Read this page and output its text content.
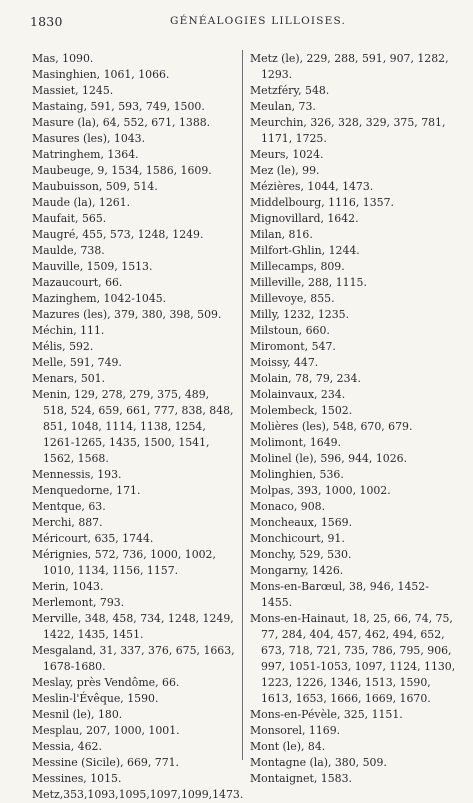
1830	GÉNÉALOGIES LILLOISES.
Mas, 1090.
Masinghien, 1061, 1066.
Massiet, 1245.
Mastaing, 591, 593, 749, 1500.
Masure (la), 64, 552, 671, 1388.
Masures (les), 1043.
Matringhem, 1364.
Maubeuge, 9, 1534, 1586, 1609.
Maubuisson, 509, 514.
Maude (la), 1261.
Maufait, 565.
Maugré, 455, 573, 1248, 1249.
Maulde, 738.
Mauville, 1509, 1513.
Mazaucourt, 66.
Mazinghem, 1042-1045.
Mazures (les), 379, 380, 398, 509.
Méchin, 111.
Mélis, 592.
Melle, 591, 749.
Menars, 501.
Menin, 129, 278, 279, 375, 489, 518, 524, 659, 661, 777, 838, 848, 851, 1048, 1114, 1138, 1254, 1261-1265, 1435, 1500, 1541, 1562, 1568.
Mennessis, 193.
Menquedorne, 171.
Mentque, 63.
Merchi, 887.
Méricourt, 635, 1744.
Mérignies, 572, 736, 1000, 1002, 1010, 1134, 1156, 1157.
Merin, 1043.
Merlemont, 793.
Merville, 348, 458, 734, 1248, 1249, 1422, 1435, 1451.
Mesgaland, 31, 337, 376, 675, 1663, 1678-1680.
Meslay, près Vendôme, 66.
Meslin-l'Évêque, 1590.
Mesnil (le), 180.
Mesplau, 207, 1000, 1001.
Messia, 462.
Messine (Sicile), 669, 771.
Messines, 1015.
Metz,353,1093,1095,1097,1099,1473.
Metz (le), 229, 288, 591, 907, 1282, 1293.
Metzféry, 548.
Meulan, 73.
Meurchin, 326, 328, 329, 375, 781, 1171, 1725.
Meurs, 1024.
Mez (le), 99.
Mézières, 1044, 1473.
Middelbourg, 1116, 1357.
Mignovillard, 1642.
Milan, 816.
Milfort-Ghlin, 1244.
Millecamps, 809.
Milleville, 288, 1115.
Millevoye, 855.
Milly, 1232, 1235.
Milstoun, 660.
Miromont, 547.
Moissy, 447.
Molain, 78, 79, 234.
Molainvaux, 234.
Molembeck, 1502.
Molières (les), 548, 670, 679.
Molimont, 1649.
Molinel (le), 596, 944, 1026.
Molinghien, 536.
Molpas, 393, 1000, 1002.
Monaco, 908.
Moncheaux, 1569.
Monchicourt, 91.
Monchy, 529, 530.
Mongarny, 1426.
Mons-en-Barœul, 38, 946, 1452-1455.
Mons-en-Hainaut, 18, 25, 66, 74, 75, 77, 284, 404, 457, 462, 494, 652, 673, 718, 721, 735, 786, 795, 906, 997, 1051-1053, 1097, 1124, 1130, 1223, 1226, 1346, 1513, 1590, 1613, 1653, 1666, 1669, 1670.
Mons-en-Pévèle, 325, 1151.
Monsorel, 1169.
Mont (le), 84.
Montagne (la), 380, 509.
Montaignet, 1583.
